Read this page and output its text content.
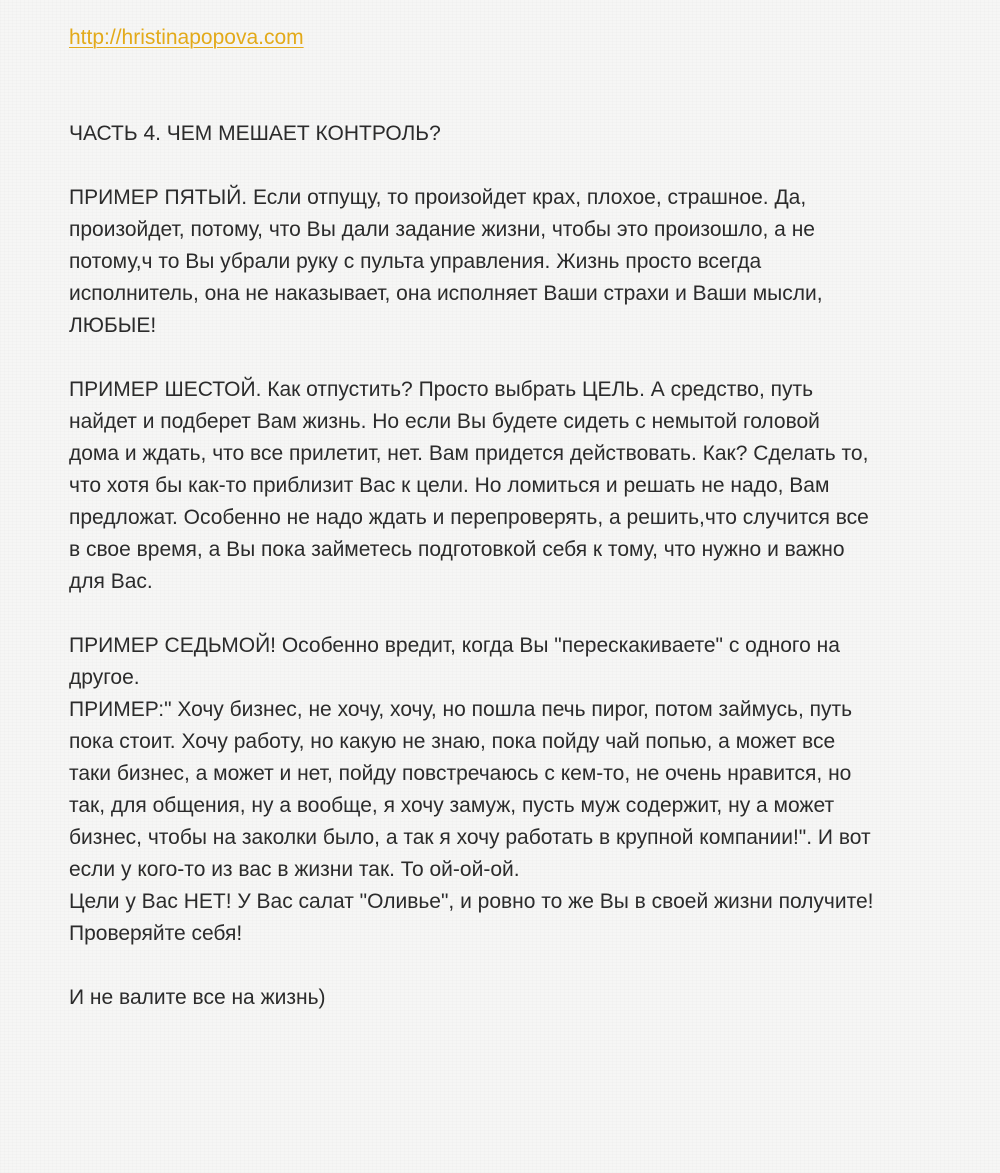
http://hristinapopova.com

ЧАСТЬ 4. ЧЕМ МЕШАЕТ КОНТРОЛЬ?

ПРИМЕР ПЯТЫЙ. Если отпущу, то произойдет крах, плохое, страшное. Да,
произойдет, потому, что Вы дали задание жизни, чтобы это произошло, а не
потому,ч то Вы убрали руку с пульта управления. Жизнь просто всегда
исполнитель, она не наказывает, она исполняет Ваши страхи и Ваши мысли,
ЛЮБЫЕ!

ПРИМЕР ШЕСТОЙ. Как отпустить? Просто выбрать ЦЕЛЬ. А средство, путь
найдет и подберет Вам жизнь. Но если Вы будете сидеть с немытой головой
дома и ждать, что все прилетит, нет. Вам придется действовать. Как? Сделать то,
что хотя бы как-то приблизит Вас к цели. Но ломиться и решать не надо, Вам
предложат. Особенно не надо ждать и перепроверять, а решить,что случится все
в свое время, а Вы пока займетесь подготовкой себя к тому, что нужно и важно
для Вас.

ПРИМЕР СЕДЬМОЙ! Особенно вредит, когда Вы "перескакиваете" с одного на
другое.
ПРИМЕР:" Хочу бизнес, не хочу, хочу, но пошла печь пирог, потом займусь, путь
пока стоит. Хочу работу, но какую не знаю, пока пойду чай попью, а может все
таки бизнес, а может и нет, пойду повстречаюсь с кем-то, не очень нравится, но
так, для общения, ну а вообще, я хочу замуж, пусть муж содержит, ну а может
бизнес, чтобы на заколки было, а так я хочу работать в крупной компании!". И вот
если у кого-то из вас в жизни так. То ой-ой-ой.
Цели у Вас НЕТ! У Вас салат "Оливье", и ровно то же Вы в своей жизни получите!
Проверяйте себя!

И не валите все на жизнь)
